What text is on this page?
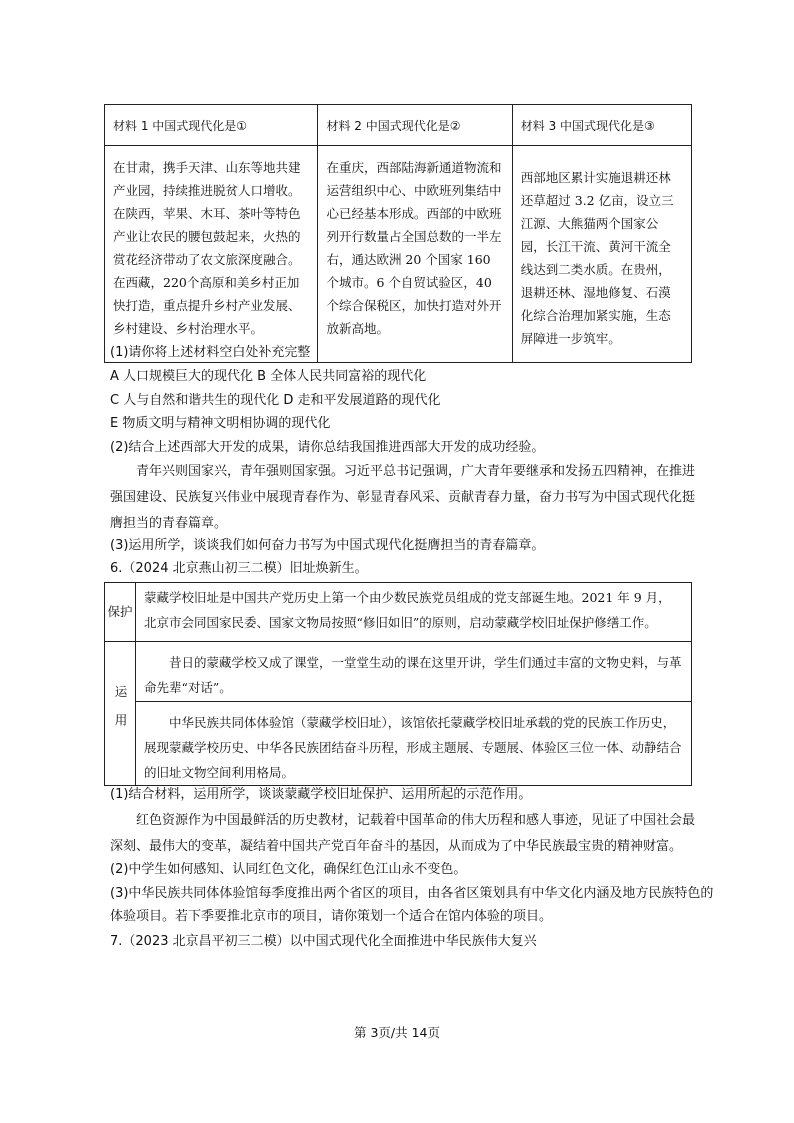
材料 1 中国式现代化是①	材料 2 中国式现代化是②	材料 3 中国式现代化是③
在甘肃，携手天津、山东等地共建产业园，持续推进脱贫人口增收。在陕西，苹果、木耳、茶叶等特色产业让农民的腰包鼓起来，火热的赏花经济带动了农文旅深度融合。在西藏，220个高原和美乡村正加快打造，重点提升乡村产业发展、乡村建设、乡村治理水平。	在重庆，西部陆海新通道物流和运营组织中心、中欧班列集结中心已经基本形成。西部的中欧班列开行数量占全国总数的一半左右，通达欧洲 20 个国家 160 个城市。6 个自贸试验区，40 个综合保税区，加快打造对外开放新高地。	西部地区累计实施退耕还林还草超过 3.2 亿亩，设立三江源、大熊猫两个国家公园，长江干流、黄河干流全线达到二类水质。在贵州，退耕还林、湿地修复、石漠化综合治理加紧实施，生态屏障进一步筑牢。
(1)请你将上述材料空白处补充完整
A 人口规模巨大的现代化 B 全体人民共同富裕的现代化
C 人与自然和谐共生的现代化 D 走和平发展道路的现代化
E 物质文明与精神文明相协调的现代化
(2)结合上述西部大开发的成果，请你总结我国推进西部大开发的成功经验。
青年兴则国家兴，青年强则国家强。习近平总书记强调，广大青年要继承和发扬五四精神，在推进强国建设、民族复兴伟业中展现青春作为、彰显青春风采、贡献青春力量，奋力书写为中国式现代化挺膺担当的青春篇章。
(3)运用所学，谈谈我们如何奋力书写为中国式现代化挺膺担当的青春篇章。
6.（2024 北京燕山初三二模）旧址焕新生。
保护	蒙藏学校旧址是中国共产党历史上第一个由少数民族党员组成的党支部诞生地。2021 年 9 月，北京市会同国家民委、国家文物局按照“修旧如旧”的原则，启动蒙藏学校旧址保护修缮工作。
运用	昔日的蒙藏学校又成了课堂，一堂堂生动的课在这里开讲，学生们通过丰富的文物史料，与革命先辈“对话”。
	中华民族共同体体验馆（蒙藏学校旧址），该馆依托蒙藏学校旧址承载的党的民族工作历史，展现蒙藏学校历史、中华各民族团结奋斗历程，形成主题展、专题展、体验区三位一体、动静结合的旧址文物空间利用格局。
(1)结合材料，运用所学，谈谈蒙藏学校旧址保护、运用所起的示范作用。
红色资源作为中国最鲜活的历史教材，记载着中国革命的伟大历程和感人事迹，见证了中国社会最深刻、最伟大的变革，凝结着中国共产党百年奋斗的基因，从而成为了中华民族最宝贵的精神财富。
(2)中学生如何感知、认同红色文化，确保红色江山永不变色。
(3)中华民族共同体体验馆每季度推出两个省区的项目，由各省区策划具有中华文化内涵及地方民族特色的
体验项目。若下季要推北京市的项目，请你策划一个适合在馆内体验的项目。
7.（2023 北京昌平初三二模）以中国式现代化全面推进中华民族伟大复兴
第 3页/共 14页
